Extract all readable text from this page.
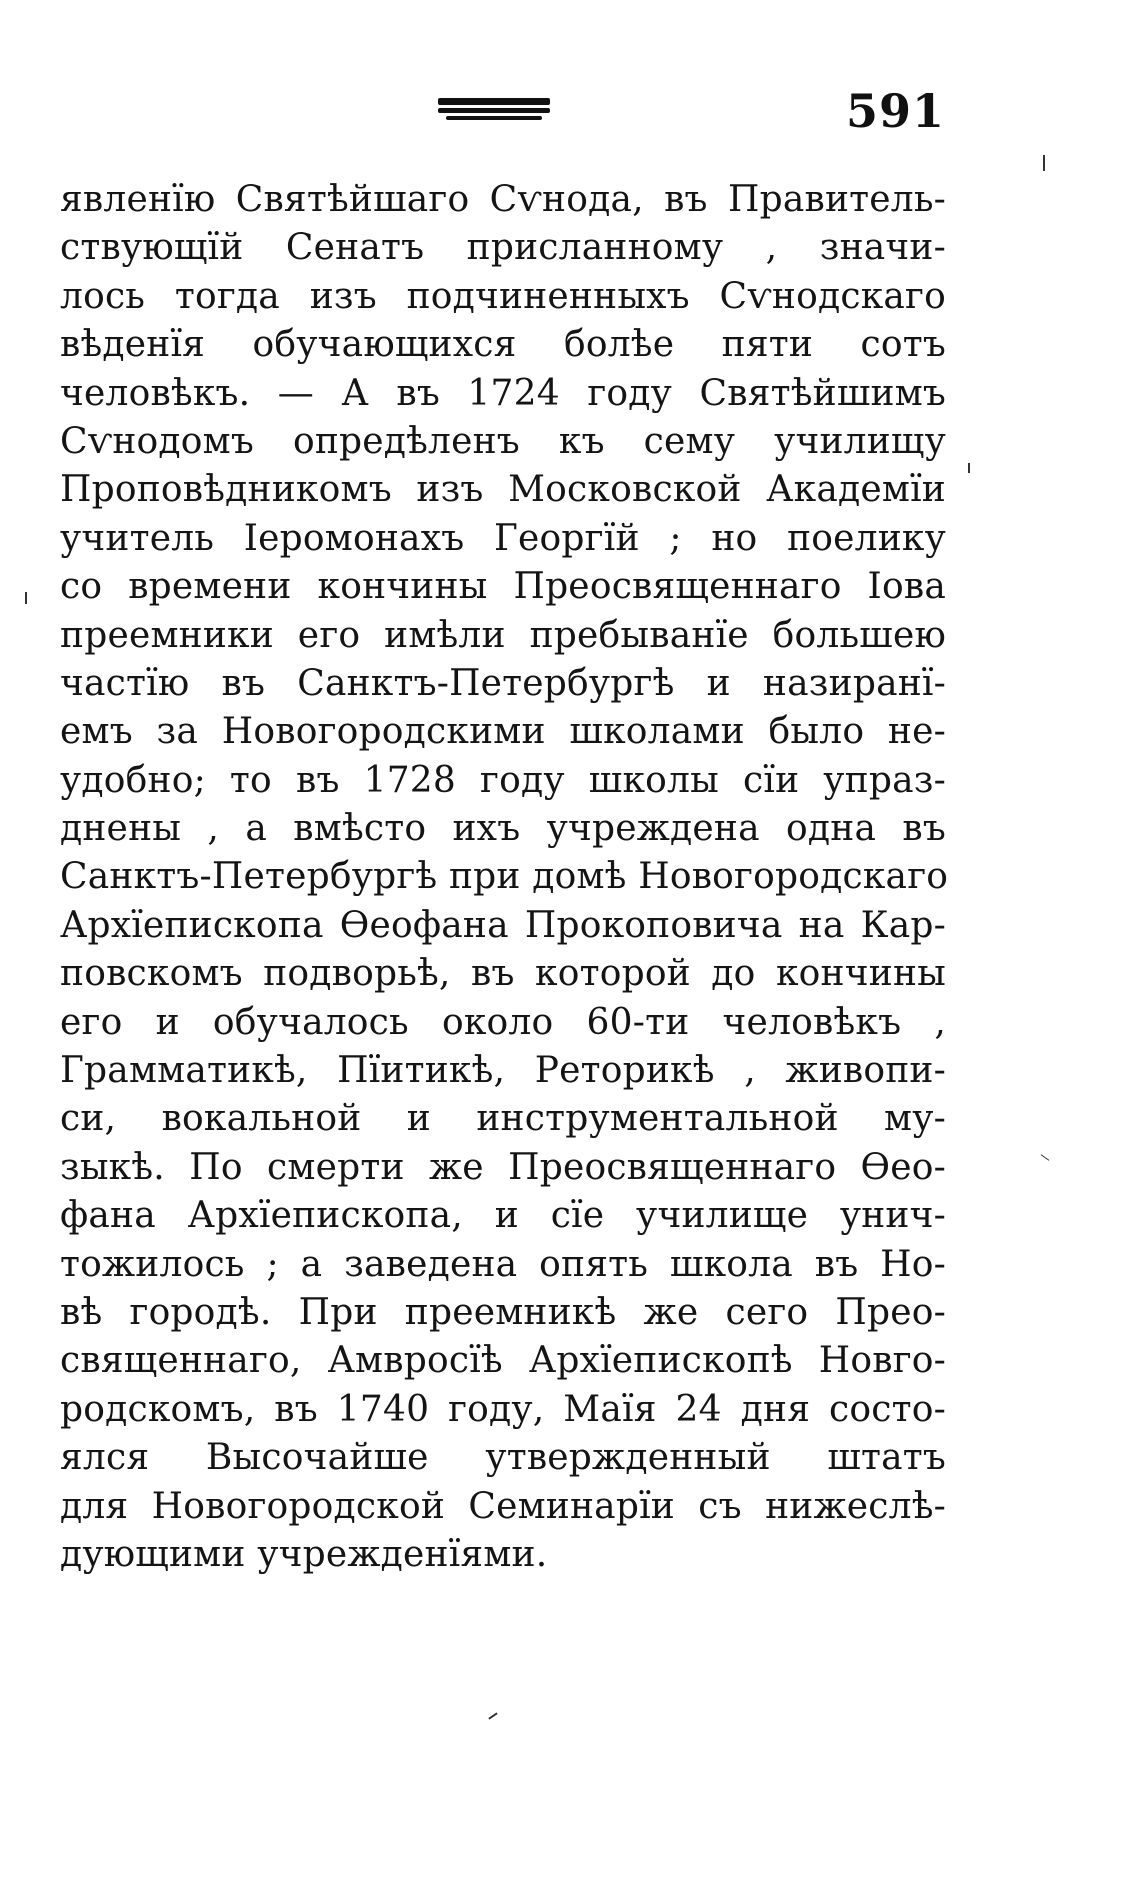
591
явленїю Святѣйшаго Сѵнода, въ Правитель-
ствующїй Сенатъ присланному , значи-
лось тогда изъ подчиненныхъ Сѵнодскаго
вѣденїя обучающихся болѣе пяти сотъ
человѣкъ. — А въ 1724 году Святѣйшимъ
Сѵнодомъ опредѣленъ къ сему училищу
Проповѣдникомъ изъ Московской Академїи
учитель Іеромонахъ Георгїй ; но поелику
со времени кончины Преосвященнаго Іова
преемники его имѣли пребыванїе большею
частїю въ Санктъ-Петербургѣ и назиранї-
емъ за Новогородскими школами было не-
удобно; то въ 1728 году школы сїи упраз-
днены , а вмѣсто ихъ учреждена одна въ
Санктъ-Петербургѣ при домѣ Новогородскаго
Архїепископа Ѳеофана Прокоповича на Кар-
повскомъ подворьѣ, въ которой до кончины
его и обучалось около 60-ти человѣкъ ,
Грамматикѣ, Пїитикѣ, Реторикѣ , живопи-
си, вокальной и инструментальной му-
зыкѣ. По смерти же Преосвященнаго Ѳео-
фана Архїепископа, и сїе училище унич-
тожилось ; а заведена опять школа въ Но-
вѣ городѣ. При преемникѣ же сего Прео-
священнаго, Амвросїѣ Архїепископѣ Новго-
родскомъ, въ 1740 году, Маїя 24 дня состо-
ялся Высочайше утвержденный штатъ
для Новогородской Семинарїи съ нижеслѣ-
дующими учрежденїями.
